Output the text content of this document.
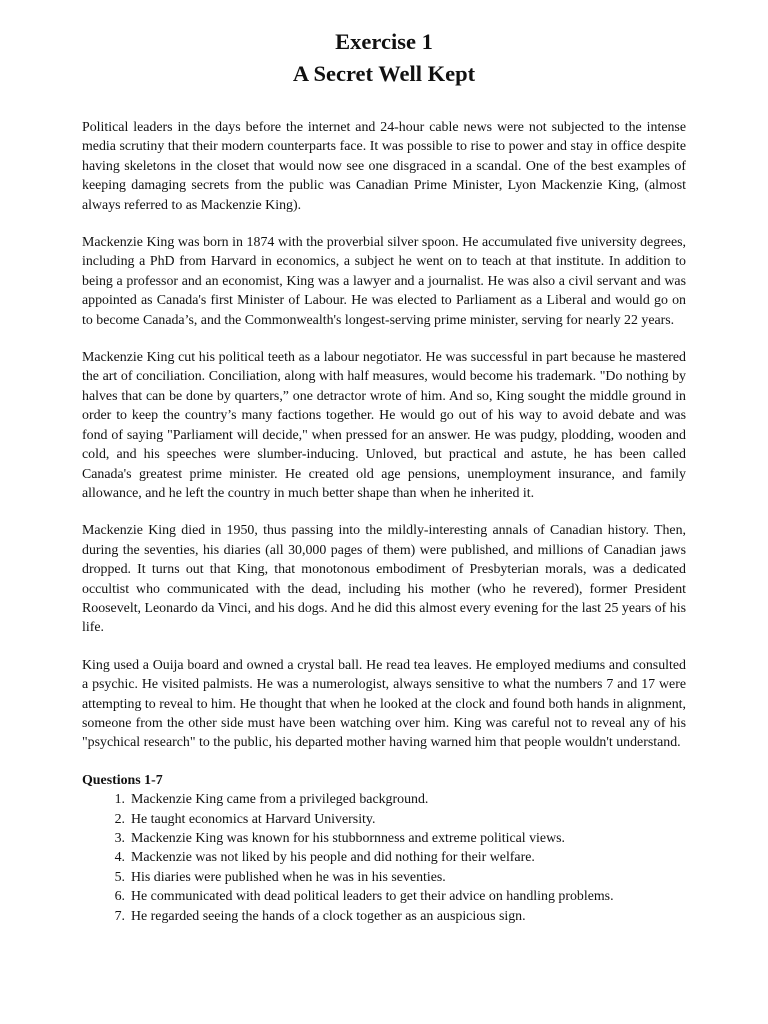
Exercise 1
A Secret Well Kept

Political leaders in the days before the internet and 24-hour cable news were not subjected to the intense media scrutiny that their modern counterparts face. It was possible to rise to power and stay in office despite having skeletons in the closet that would now see one disgraced in a scandal. One of the best examples of keeping damaging secrets from the public was Canadian Prime Minister, Lyon Mackenzie King, (almost always referred to as Mackenzie King).

Mackenzie King was born in 1874 with the proverbial silver spoon. He accumulated five university degrees, including a PhD from Harvard in economics, a subject he went on to teach at that institute. In addition to being a professor and an economist, King was a lawyer and a journalist. He was also a civil servant and was appointed as Canada's first Minister of Labour. He was elected to Parliament as a Liberal and would go on to become Canada’s, and the Commonwealth's longest-serving prime minister, serving for nearly 22 years.

Mackenzie King cut his political teeth as a labour negotiator. He was successful in part because he mastered the art of conciliation. Conciliation, along with half measures, would become his trademark. "Do nothing by halves that can be done by quarters,” one detractor wrote of him. And so, King sought the middle ground in order to keep the country’s many factions together. He would go out of his way to avoid debate and was fond of saying "Parliament will decide," when pressed for an answer. He was pudgy, plodding, wooden and cold, and his speeches were slumber-inducing. Unloved, but practical and astute, he has been called Canada's greatest prime minister. He created old age pensions, unemployment insurance, and family allowance, and he left the country in much better shape than when he inherited it.

Mackenzie King died in 1950, thus passing into the mildly-interesting annals of Canadian history. Then, during the seventies, his diaries (all 30,000 pages of them) were published, and millions of Canadian jaws dropped. It turns out that King, that monotonous embodiment of Presbyterian morals, was a dedicated occultist who communicated with the dead, including his mother (who he revered), former President Roosevelt, Leonardo da Vinci, and his dogs. And he did this almost every evening for the last 25 years of his life.

King used a Ouija board and owned a crystal ball. He read tea leaves. He employed mediums and consulted a psychic. He visited palmists. He was a numerologist, always sensitive to what the numbers 7 and 17 were attempting to reveal to him. He thought that when he looked at the clock and found both hands in alignment, someone from the other side must have been watching over him. King was careful not to reveal any of his "psychical research" to the public, his departed mother having warned him that people wouldn't understand.

Questions 1-7
1. Mackenzie King came from a privileged background.
2. He taught economics at Harvard University.
3. Mackenzie King was known for his stubbornness and extreme political views.
4. Mackenzie was not liked by his people and did nothing for their welfare.
5. His diaries were published when he was in his seventies.
6. He communicated with dead political leaders to get their advice on handling problems.
7. He regarded seeing the hands of a clock together as an auspicious sign.
